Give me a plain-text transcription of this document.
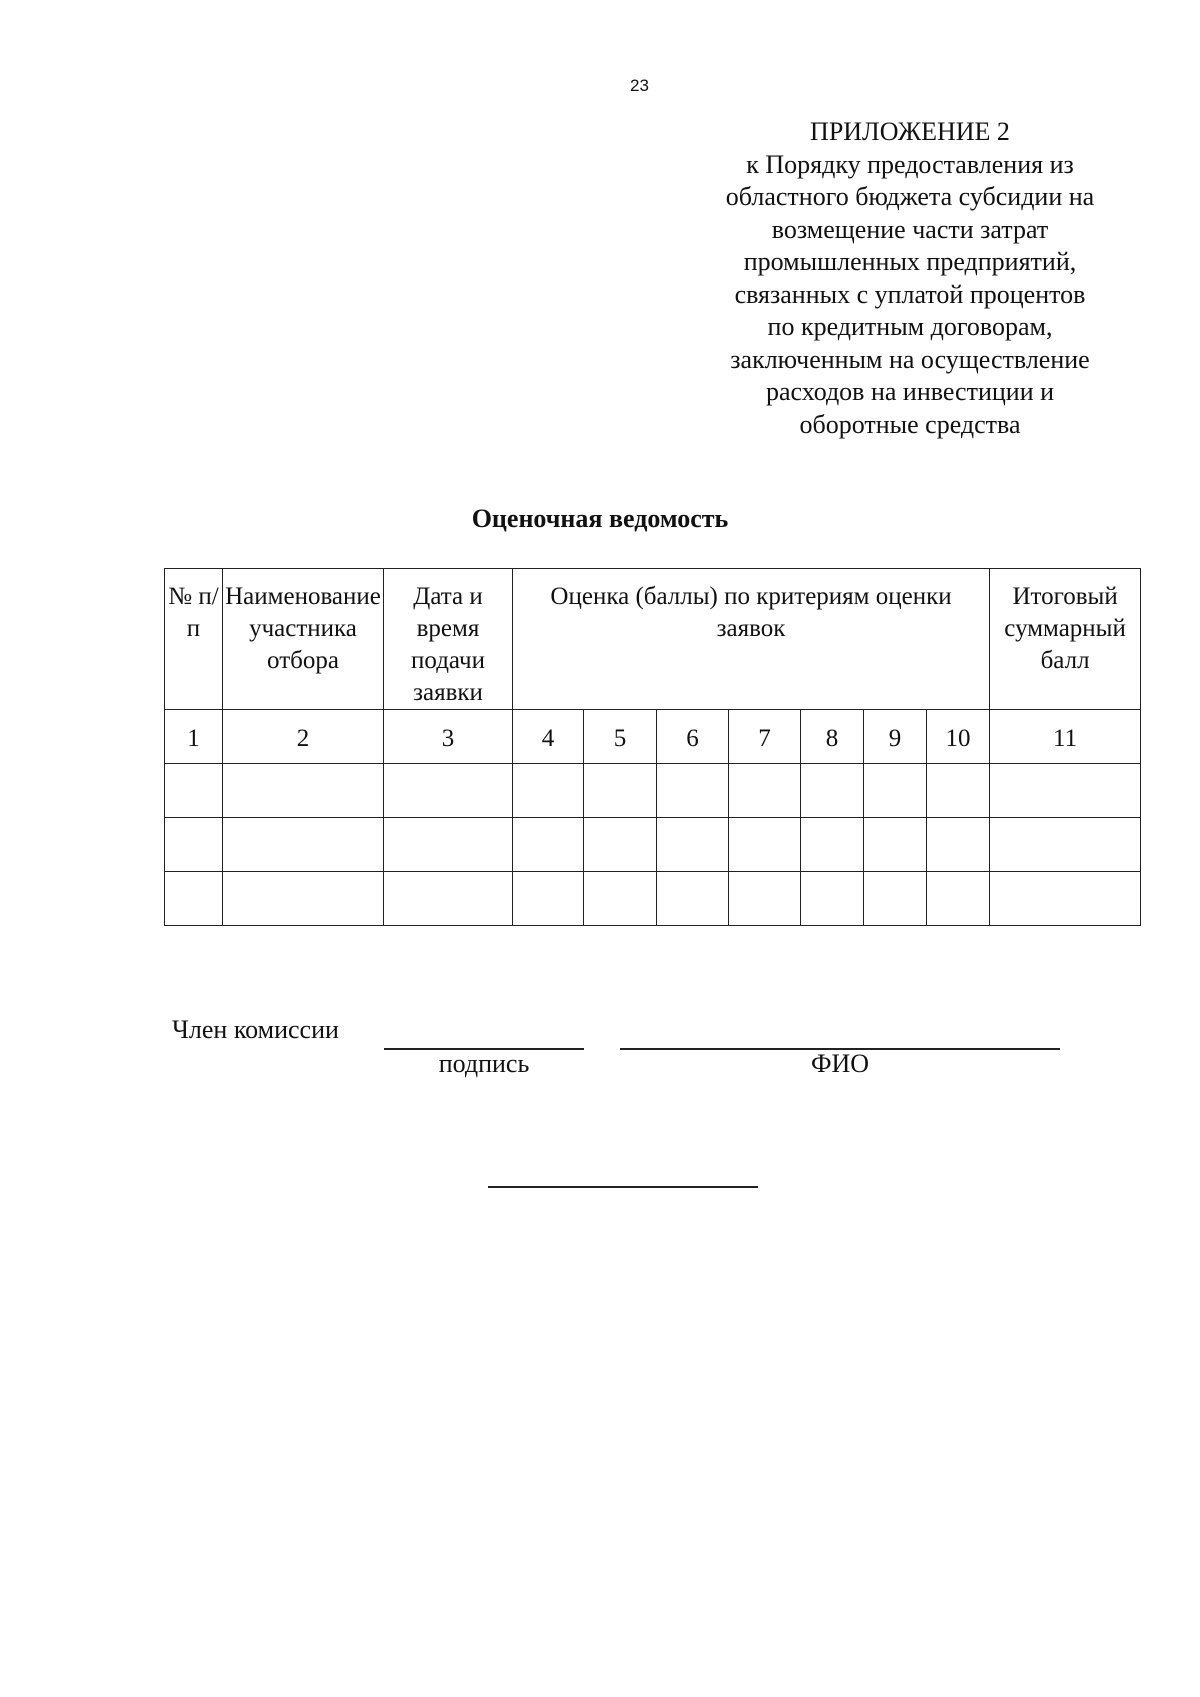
23
ПРИЛОЖЕНИЕ 2
к Порядку предоставления из
областного бюджета субсидии на
возмещение части затрат
промышленных предприятий,
связанных с уплатой процентов
по кредитным договорам,
заключенным на осуществление
расходов на инвестиции и
оборотные средства
Оценочная ведомость
№ п/п	Наименование участника отбора	Дата и время подачи заявки	Оценка (баллы) по критериям оценки заявок							Итоговый суммарный балл
1	2	3	4	5	6	7	8	9	10	11

Член комиссии
подпись	ФИО
